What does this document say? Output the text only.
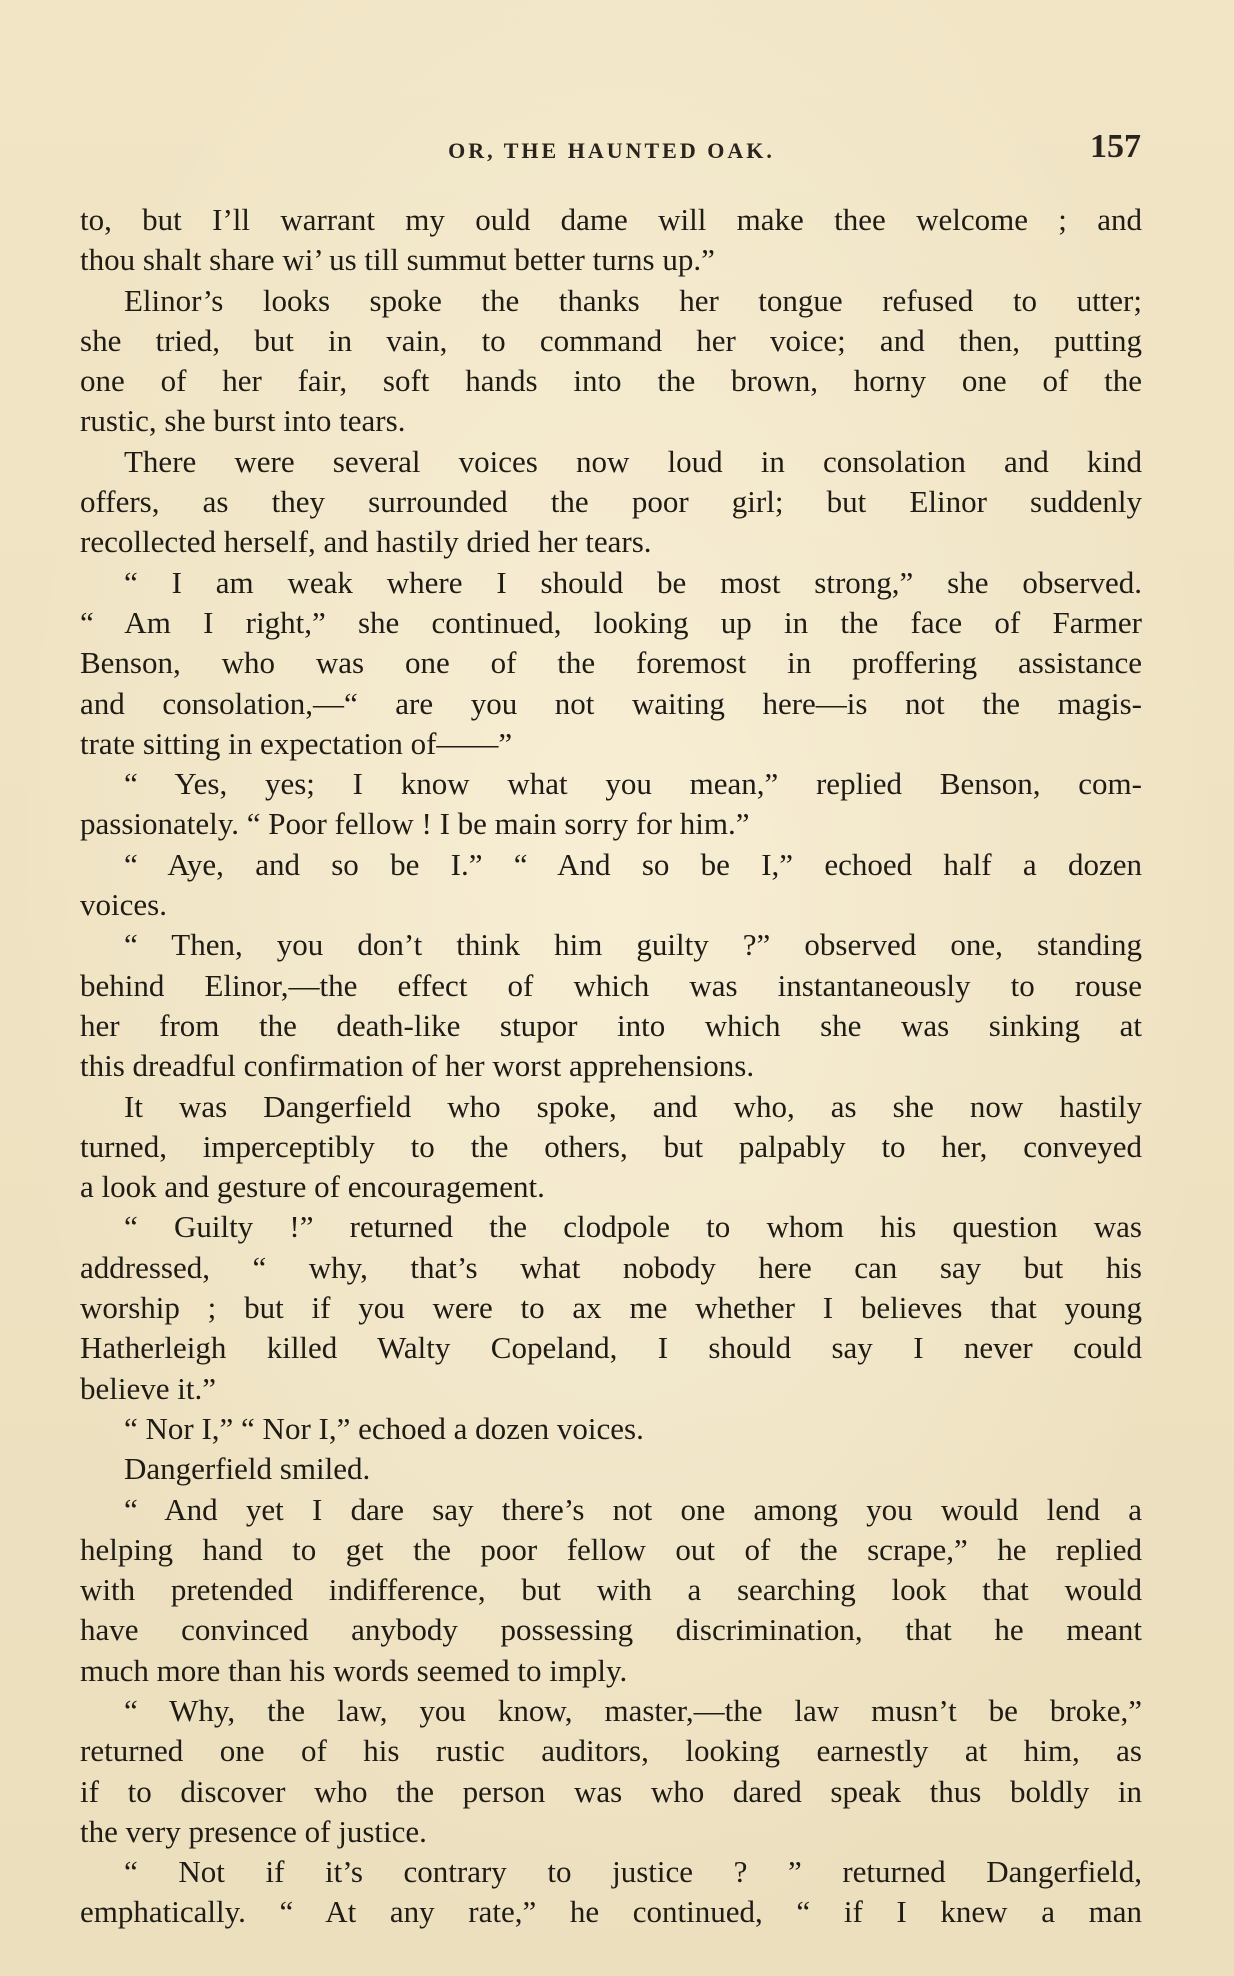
OR, THE HAUNTED OAK.	157
to, but I’ll warrant my ould dame will make thee welcome ; and
thou shalt share wi’ us till summut better turns up.”
Elinor’s looks spoke the thanks her tongue refused to utter;
she tried, but in vain, to command her voice; and then, putting
one of her fair, soft hands into the brown, horny one of the
rustic, she burst into tears.
There were several voices now loud in consolation and kind
offers, as they surrounded the poor girl; but Elinor suddenly
recollected herself, and hastily dried her tears.
“ I am weak where I should be most strong,” she observed.
“ Am I right,” she continued, looking up in the face of Farmer
Benson, who was one of the foremost in proffering assistance
and consolation,—“ are you not waiting here—is not the magis-
trate sitting in expectation of——”
“ Yes, yes; I know what you mean,” replied Benson, com-
passionately. “ Poor fellow ! I be main sorry for him.”
“ Aye, and so be I.” “ And so be I,” echoed half a dozen
voices.
“ Then, you don’t think him guilty ?” observed one, standing
behind Elinor,—the effect of which was instantaneously to rouse
her from the death-like stupor into which she was sinking at
this dreadful confirmation of her worst apprehensions.
It was Dangerfield who spoke, and who, as she now hastily
turned, imperceptibly to the others, but palpably to her, conveyed
a look and gesture of encouragement.
“ Guilty !” returned the clodpole to whom his question was
addressed, “ why, that’s what nobody here can say but his
worship ; but if you were to ax me whether I believes that young
Hatherleigh killed Walty Copeland, I should say I never could
believe it.”
“ Nor I,” “ Nor I,” echoed a dozen voices.
Dangerfield smiled.
“ And yet I dare say there’s not one among you would lend a
helping hand to get the poor fellow out of the scrape,” he replied
with pretended indifference, but with a searching look that would
have convinced anybody possessing discrimination, that he meant
much more than his words seemed to imply.
“ Why, the law, you know, master,—the law musn’t be broke,”
returned one of his rustic auditors, looking earnestly at him, as
if to discover who the person was who dared speak thus boldly in
the very presence of justice.
“ Not if it’s contrary to justice ? ” returned Dangerfield,
emphatically. “ At any rate,” he continued, “ if I knew a man
